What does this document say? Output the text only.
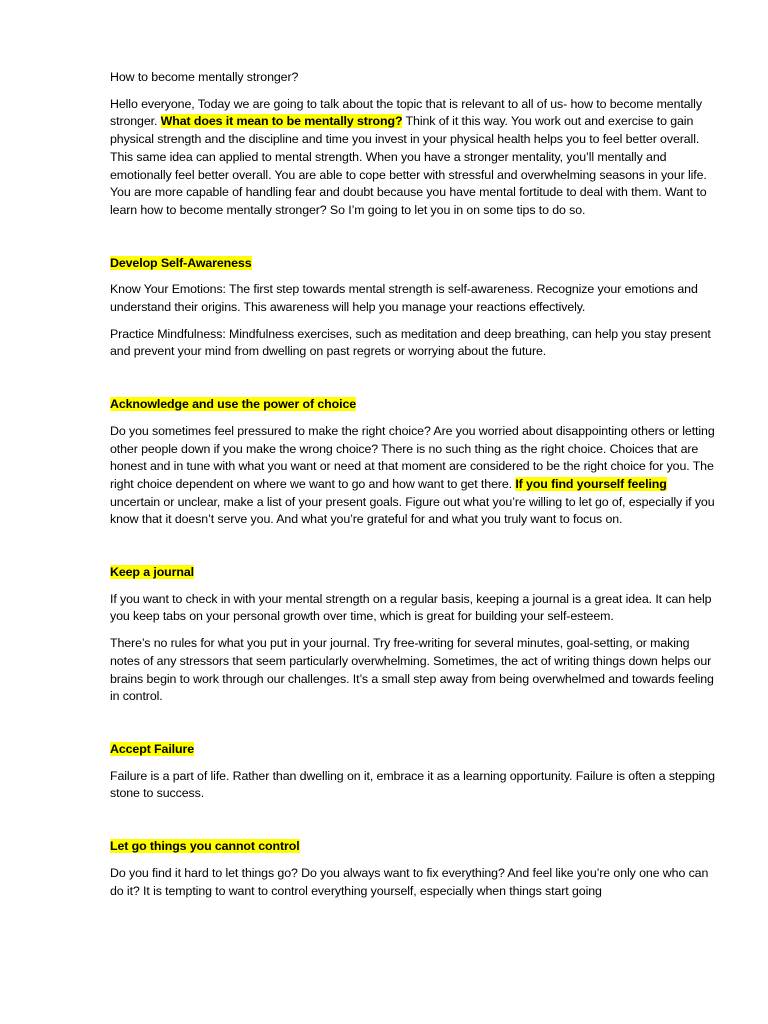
How to become mentally stronger?

Hello everyone, Today we are going to talk about the topic that is relevant to all of us- how to become mentally stronger. What does it mean to be mentally strong? Think of it this way. You work out and exercise to gain physical strength and the discipline and time you invest in your physical health helps you to feel better overall. This same idea can applied to mental strength. When you have a stronger mentality, you’ll mentally and emotionally feel better overall. You are able to cope better with stressful and overwhelming seasons in your life. You are more capable of handling fear and doubt because you have mental fortitude to deal with them. Want to learn how to become mentally stronger? So I’m going to let you in on some tips to do so.

Develop Self-Awareness

Know Your Emotions: The first step towards mental strength is self-awareness. Recognize your emotions and understand their origins. This awareness will help you manage your reactions effectively.

Practice Mindfulness: Mindfulness exercises, such as meditation and deep breathing, can help you stay present and prevent your mind from dwelling on past regrets or worrying about the future.

Acknowledge and use the power of choice

Do you sometimes feel pressured to make the right choice? Are you worried about disappointing others or letting other people down if you make the wrong choice? There is no such thing as the right choice. Choices that are honest and in tune with what you want or need at that moment are considered to be the right choice for you. The right choice dependent on where we want to go and how want to get there. If you find yourself feeling uncertain or unclear, make a list of your present goals. Figure out what you’re willing to let go of, especially if you know that it doesn’t serve you. And what you’re grateful for and what you truly want to focus on.

Keep a journal

If you want to check in with your mental strength on a regular basis, keeping a journal is a great idea. It can help you keep tabs on your personal growth over time, which is great for building your self-esteem.

There’s no rules for what you put in your journal. Try free-writing for several minutes, goal-setting, or making notes of any stressors that seem particularly overwhelming. Sometimes, the act of writing things down helps our brains begin to work through our challenges. It’s a small step away from being overwhelmed and towards feeling in control.

Accept Failure

Failure is a part of life. Rather than dwelling on it, embrace it as a learning opportunity. Failure is often a stepping stone to success.

Let go things you cannot control

Do you find it hard to let things go? Do you always want to fix everything? And feel like you’re only one who can do it? It is tempting to want to control everything yourself, especially when things start going
